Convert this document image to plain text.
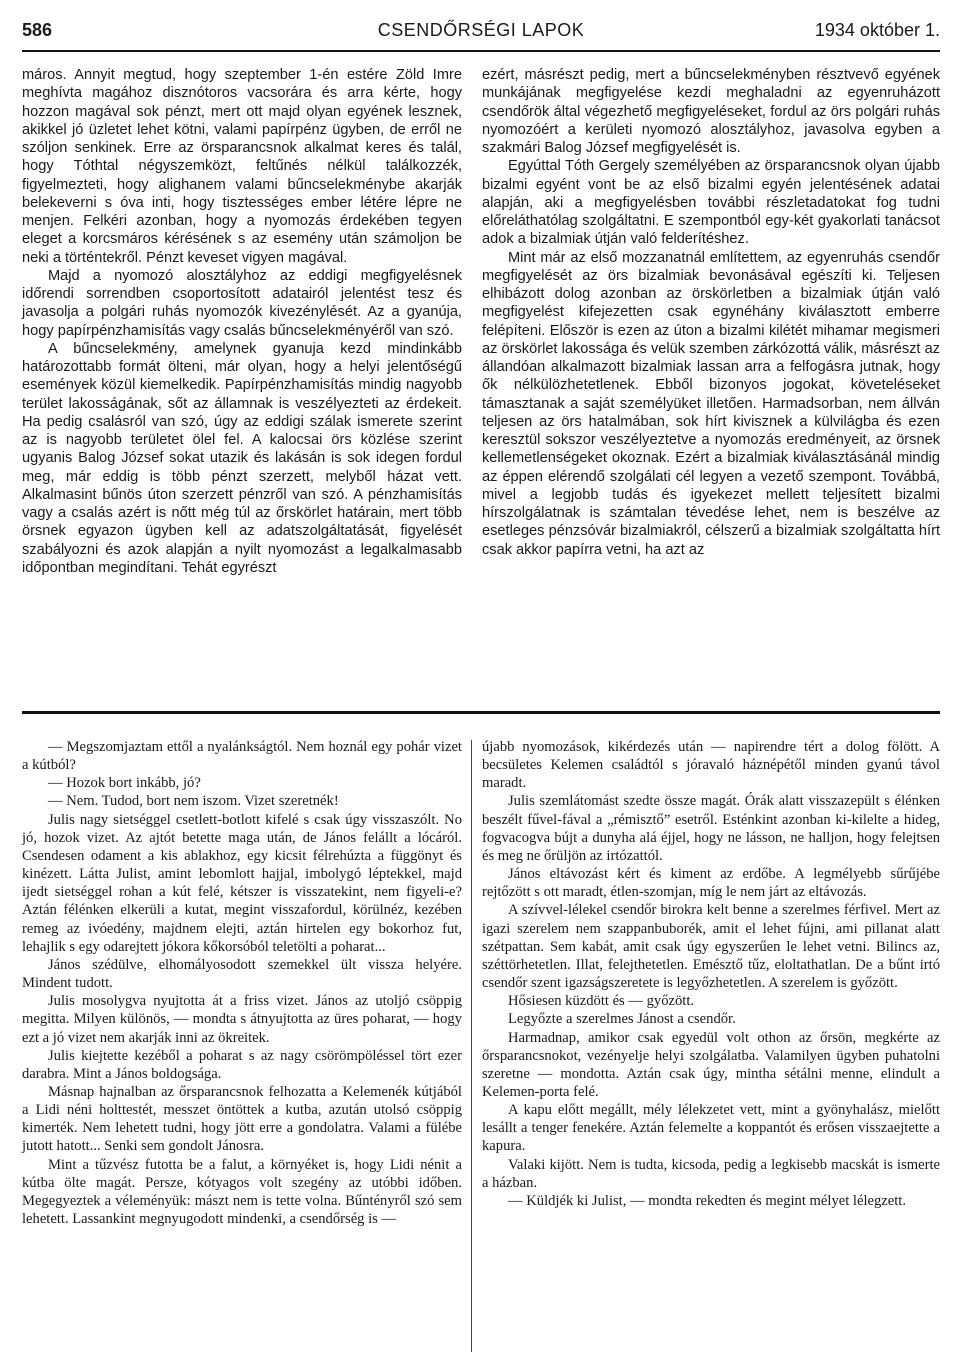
586	CSENDŐRSÉGI LAPOK	1934 október 1.

máros. Annyit megtud, hogy szeptember 1-én estére Zöld Imre meghívta magához disznótoros vacsorára és arra kérte, hogy hozzon magával sok pénzt, mert ott majd olyan egyének lesznek, akikkel jó üzletet lehet kötni, valami papírpénz ügyben, de erről ne szóljon senkinek. Erre az örsparancsnok alkalmat keres és talál, hogy Tóthtal négyszemközt, feltűnés nélkül találkozzék, figyelmezteti, hogy alighanem valami bűncselekménybe akarják belekeverni s óva inti, hogy tisztességes ember létére lépre ne menjen. Felkéri azonban, hogy a nyomozás érdekében tegyen eleget a korcsmáros kérésének s az esemény után számoljon be neki a történtekről. Pénzt keveset vigyen magával.

Majd a nyomozó alosztályhoz az eddigi megfigyelésnek időrendi sorrendben csoportosított adatairól jelentést tesz és javasolja a polgári ruhás nyomozók kivezénylését. Az a gyanúja, hogy papírpénzhamisítás vagy csalás bűncselekményéről van szó.

A bűncselekmény, amelynek gyanuja kezd mindinkább határozottabb formát ölteni, már olyan, hogy a helyi jelentőségű események közül kiemelkedik. Papírpénzhamisítás mindig nagyobb terület lakosságának, sőt az államnak is veszélyezteti az érdekeit. Ha pedig csalásról van szó, úgy az eddigi szálak ismerete szerint az is nagyobb területet ölel fel. A kalocsai örs közlése szerint ugyanis Balog József sokat utazik és lakásán is sok idegen fordul meg, már eddig is több pénzt szerzett, melyből házat vett. Alkalmasint bűnös úton szerzett pénzről van szó. A pénzhamisítás vagy a csalás azért is nőtt még túl az őrskörlet határain, mert több örsnek egyazon ügyben kell az adatszolgáltatását, figyelését szabályozni és azok alapján a nyilt nyomozást a legalkalmasabb időpontban megindítani. Tehát egyrészt

ezért, másrészt pedig, mert a bűncselekményben résztvevő egyének munkájának megfigyelése kezdi meghaladni az egyenruházott csendőrök által végezhető megfigyeléseket, fordul az örs polgári ruhás nyomozóért a kerületi nyomozó alosztályhoz, javasolva egyben a szakmári Balog József megfigyelését is.

Egyúttal Tóth Gergely személyében az örsparancsnok olyan újabb bizalmi egyént vont be az első bizalmi egyén jelentésének adatai alapján, aki a megfigyelésben további részletadatokat fog tudni előreláthatólag szolgáltatni. E szempontból egy-két gyakorlati tanácsot adok a bizalmiak útján való felderítéshez.

Mint már az első mozzanatnál említettem, az egyenruhás csendőr megfigyelését az örs bizalmiak bevonásával egészíti ki. Teljesen elhibázott dolog azonban az örskörletben a bizalmiak útján való megfigyelést kifejezetten csak egynéhány kiválasztott emberre felépíteni. Először is ezen az úton a bizalmi kilétét mihamar megismeri az örskörlet lakossága és velük szemben zárkózottá válik, másrészt az állandóan alkalmazott bizalmiak lassan arra a felfogásra jutnak, hogy ők nélkülözhetetlenek. Ebből bizonyos jogokat, követeléseket támasztanak a saját személyüket illetően. Harmadsorban, nem állván teljesen az örs hatalmában, sok hírt kivisznek a külvilágba és ezen keresztül sokszor veszélyeztetve a nyomozás eredményeit, az örsnek kellemetlenségeket okoznak. Ezért a bizalmiak kiválasztásánál mindig az éppen elérendő szolgálati cél legyen a vezető szempont. Továbbá, mivel a legjobb tudás és igyekezet mellett teljesített bizalmi hírszolgálatnak is számtalan tévedése lehet, nem is beszélve az esetleges pénzsóvár bizalmiakról, célszerű a bizalmiak szolgáltatta hírt csak akkor papírra vetni, ha azt az

— Megszomjaztam ettől a nyalánkságtól. Nem hoznál egy pohár vizet a kútból?

— Hozok bort inkább, jó?

— Nem. Tudod, bort nem iszom. Vizet szeretnék!

Julis nagy sietséggel csetlett-botlott kifelé s csak úgy visszaszólt. No jó, hozok vizet. Az ajtót betette maga után, de János felállt a lócáról. Csendesen odament a kis ablakhoz, egy kicsit félrehúzta a függönyt és kinézett. Látta Julist, amint lebomlott hajjal, imbolygó léptekkel, majd ijedt sietséggel rohan a kút felé, kétszer is visszatekint, nem figyeli-e? Aztán félénken elkerüli a kutat, megint visszafordul, körülnéz, kezében remeg az ivóedény, majdnem elejti, aztán hirtelen egy bokorhoz fut, lehajlik s egy odarejtett jókora kőkorsóból teletölti a poharat...

János szédülve, elhomályosodott szemekkel ült vissza helyére. Mindent tudott.

Julis mosolygva nyujtotta át a friss vizet. János az utoljó csöppig megitta. Milyen különös, — mondta s átnyujtotta az üres poharat, — hogy ezt a jó vizet nem akarják inni az ökreitek.

Julis kiejtette kezéből a poharat s az nagy csörömpöléssel tört ezer darabra. Mint a János boldogsága.

Másnap hajnalban az őrsparancsnok felhozatta a Kelemenék kútjából a Lidi néni holttestét, messzet öntöttek a kutba, azután utolsó csöppig kimerték. Nem lehetett tudni, hogy jött erre a gondolatra. Valami a fülébe jutott hatott... Senki sem gondolt Jánosra.

Mint a tűzvész futotta be a falut, a környéket is, hogy Lidi nénit a kútba ölte magát. Persze, kótyagos volt szegény az utóbbi időben. Megegyeztek a véleményük: mászt nem is tette volna. Bűntényről szó sem lehetett. Lassankint megnyugodott mindenki, a csendőrség is —

újabb nyomozások, kikérdezés után — napirendre tért a dolog fölött. A becsületes Kelemen családtól s jóravaló háznépétől minden gyanú távol maradt.

Julis szemlátomást szedte össze magát. Órák alatt visszazepült s élénken beszélt fűvel-fával a „rémisztő” esetről. Esténkint azonban ki-kilelte a hideg, fogvacogva bújt a dunyha alá éjjel, hogy ne lásson, ne halljon, hogy felejtsen és meg ne őrüljön az irtózattól.

János eltávozást kért és kiment az erdőbe. A legmélyebb sűrűjébe rejtőzött s ott maradt, étlen-szomjan, míg le nem járt az eltávozás.

A szívvel-lélekel csendőr birokra kelt benne a szerelmes férfivel. Mert az igazi szerelem nem szappanbuborék, amit el lehet fújni, ami pillanat alatt szétpattan. Sem kabát, amit csak úgy egyszerűen le lehet vetni. Bilincs az, széttörhetetlen. Illat, felejthetetlen. Emésztő tűz, eloltathatlan. De a bűnt irtó csendőr szent igazságszeretete is legyőzhetetlen. A szerelem is győzött.

Hősiesen küzdött és — győzött.

Legyőzte a szerelmes Jánost a csendőr.

Harmadnap, amikor csak egyedül volt othon az őrsön, megkérte az őrsparancsnokot, vezényelje helyi szolgálatba. Valamilyen ügyben puhatolni szeretne — mondotta. Aztán csak úgy, mintha sétálni menne, elindult a Kelemen-porta felé.

A kapu előtt megállt, mély lélekzetet vett, mint a gyönyhalász, mielőtt lesállt a tenger fenekére. Aztán felemelte a koppantót és erősen visszaejtette a kapura.

Valaki kijött. Nem is tudta, kicsoda, pedig a legkisebb macskát is ismerte a házban.

— Küldjék ki Julist, — mondta rekedten és megint mélyet lélegzett.
